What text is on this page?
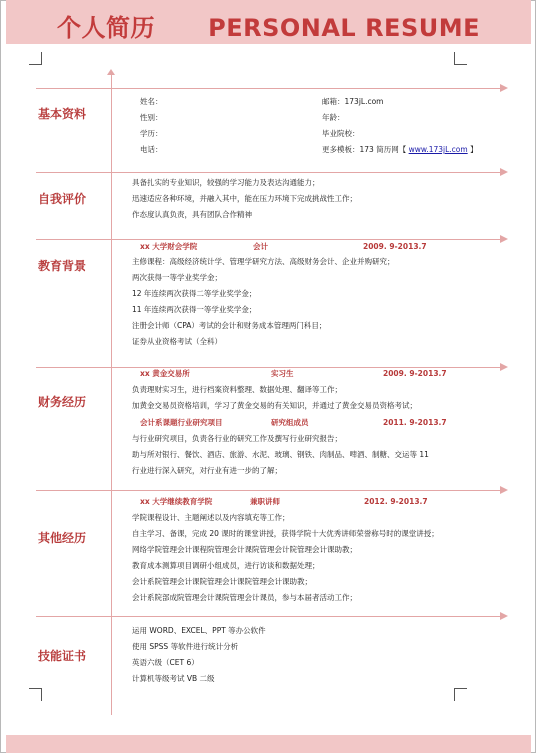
个人简历      PERSONAL RESUME
基本资料
姓名：	邮箱：173jL.com
性别：	年龄：
学历：	毕业院校：
电话：	更多模板：173 简历网【 www.173jL.com 】
自我评价
具备扎实的专业知识，较强的学习能力及表达沟通能力；
迅速适应各种环境，并融入其中，能在压力环境下完成挑战性工作；
作态度认真负责，具有团队合作精神
教育背景
xx 大学财会学院	会计	2009. 9-2013.7
主修课程：高级经济统计学、管理学研究方法、高级财务会计、企业并购研究；
两次获得一等学业奖学金；
12 年连续两次获得二等学业奖学金；
11 年连续两次获得一等学业奖学金；
注册会计师（CPA）考试的会计和财务成本管理两门科目；
证券从业资格考试（全科）
财务经历
xx 黄金交易所	实习生	2009. 9-2013.7
负责理财实习生，进行档案资料整理、数据处理、翻译等工作；
加黄金交易员资格培训，学习了黄金交易的有关知识，并通过了黄金交易员资格考试；
会计系课题行业研究项目	研究组成员	2011. 9-2013.7
与行业研究项目，负责各行业的研究工作及撰写行业研究报告；
助与所对银行、餐饮、酒店、旅游、水泥、玻璃、钢铁、肉制品、啤酒、制糖、交运等 11
行业进行深入研究，对行业有进一步的了解；
其他经历
xx 大学继续教育学院	兼职讲师	2012. 9-2013.7
学院课程设计、主题阐述以及内容填充等工作；
自主学习、备课，完成 20 课时的课堂讲授，获得学院十大优秀讲师荣誉称号时的课堂讲授；
网络学院管理会计课程院管理会计课院管理会计院管理会计课助教；
教育成本测算项目调研小组成员，进行访谈和数据处理；
会计系院管理会计课院管理会计课院管理会计课助教；
会计系院部成院管理会计课院管理会计课员，参与本届者活动工作；
技能证书
运用 WORD、EXCEL、PPT 等办公软件
使用 SPSS 等软件进行统计分析
英语六级（CET 6）
计算机等级考试 VB 二级
